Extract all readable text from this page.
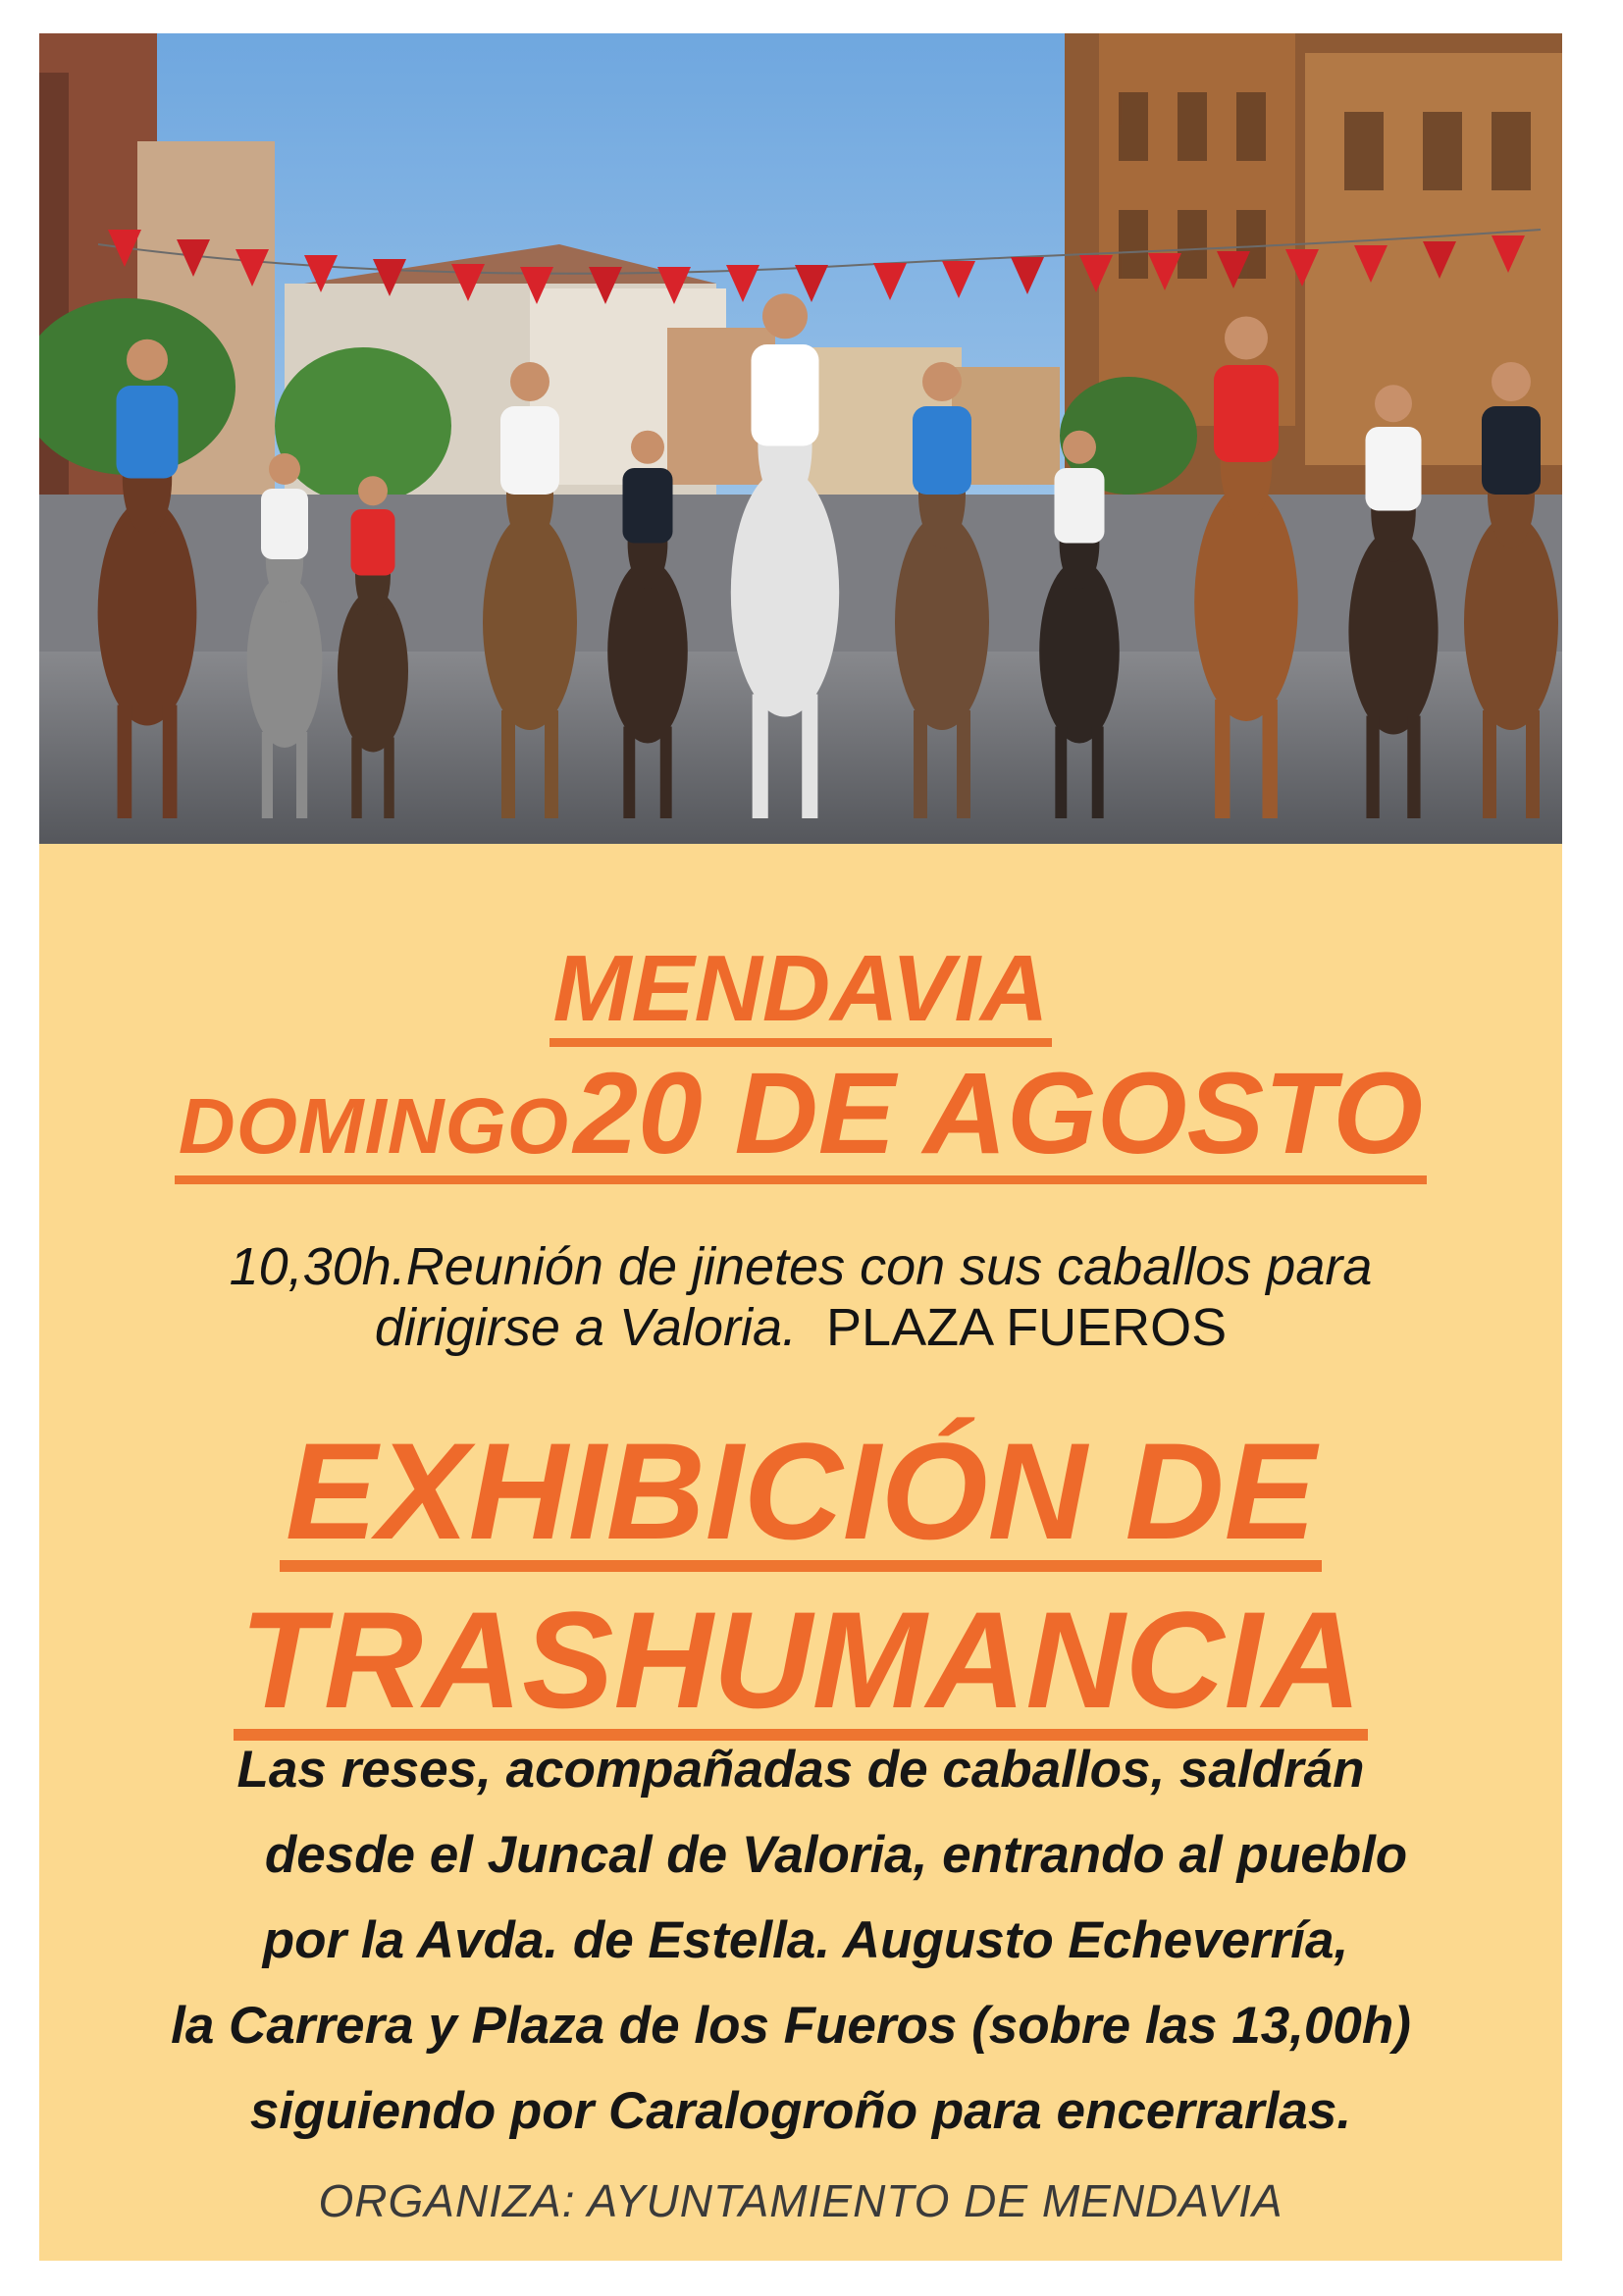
MENDAVIA
DOMINGO 20 DE AGOSTO
10,30h.Reunión de jinetes con sus caballos para
dirigirse a Valoria. PLAZA FUEROS
EXHIBICIÓN DE
TRASHUMANCIA
Las reses, acompañadas de caballos, saldrán
desde el Juncal de Valoria, entrando al pueblo
por la Avda. de Estella. Augusto Echeverría,
la Carrera y Plaza de los Fueros (sobre las 13,00h)
siguiendo por Caralogroño para encerrarlas.
ORGANIZA: AYUNTAMIENTO DE MENDAVIA
